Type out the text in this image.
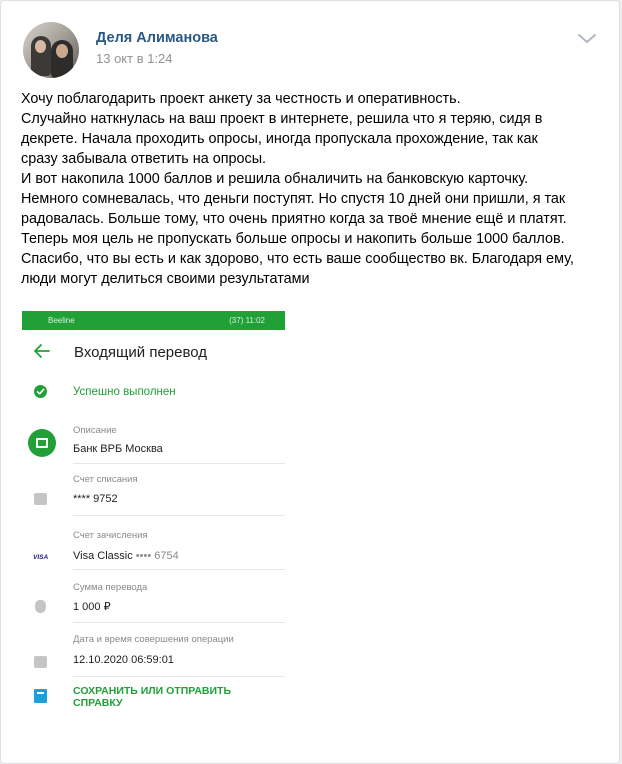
Деля Алиманова
13 окт в 1:24
Хочу поблагодарить проект анкету за честность и оперативность.
Случайно наткнулась на ваш проект в интернете, решила что я теряю, сидя в
декрете. Начала проходить опросы, иногда пропускала прохождение, так как
сразу забывала ответить на опросы.
И вот накопила 1000 баллов и решила обналичить на банковскую карточку.
Немного сомневалась, что деньги поступят. Но спустя 10 дней они пришли, я так
радовалась. Больше тому, что очень приятно когда за твоё мнение ещё и платят.
Теперь моя цель не пропускать больше опросы и накопить больше 1000 баллов.
Спасибо, что вы есть и как здорово, что есть ваше сообщество вк. Благодаря ему,
люди могут делиться своими результатами
Beeline	(37) 11:02
Входящий перевод
Успешно выполнен
Описание
Банк ВРБ Москва
Счет списания
**** 9752
VISA
Счет зачисления
Visa Classic •••• 6754
Сумма перевода
1 000 ₽
Дата и время совершения операции
12.10.2020 06:59:01
СОХРАНИТЬ ИЛИ ОТПРАВИТЬ СПРАВКУ
